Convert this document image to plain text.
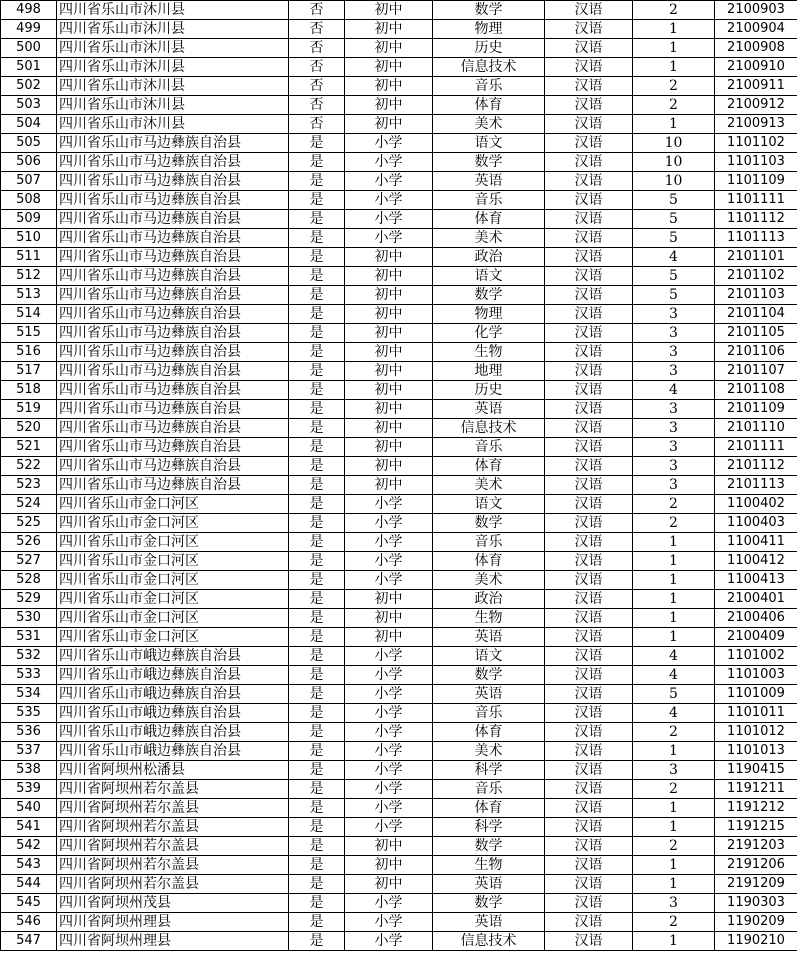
498	四川省乐山市沐川县	否	初中	数学	汉语	2	2100903
499	四川省乐山市沐川县	否	初中	物理	汉语	1	2100904
500	四川省乐山市沐川县	否	初中	历史	汉语	1	2100908
501	四川省乐山市沐川县	否	初中	信息技术	汉语	1	2100910
502	四川省乐山市沐川县	否	初中	音乐	汉语	2	2100911
503	四川省乐山市沐川县	否	初中	体育	汉语	2	2100912
504	四川省乐山市沐川县	否	初中	美术	汉语	1	2100913
505	四川省乐山市马边彝族自治县	是	小学	语文	汉语	10	1101102
506	四川省乐山市马边彝族自治县	是	小学	数学	汉语	10	1101103
507	四川省乐山市马边彝族自治县	是	小学	英语	汉语	10	1101109
508	四川省乐山市马边彝族自治县	是	小学	音乐	汉语	5	1101111
509	四川省乐山市马边彝族自治县	是	小学	体育	汉语	5	1101112
510	四川省乐山市马边彝族自治县	是	小学	美术	汉语	5	1101113
511	四川省乐山市马边彝族自治县	是	初中	政治	汉语	4	2101101
512	四川省乐山市马边彝族自治县	是	初中	语文	汉语	5	2101102
513	四川省乐山市马边彝族自治县	是	初中	数学	汉语	5	2101103
514	四川省乐山市马边彝族自治县	是	初中	物理	汉语	3	2101104
515	四川省乐山市马边彝族自治县	是	初中	化学	汉语	3	2101105
516	四川省乐山市马边彝族自治县	是	初中	生物	汉语	3	2101106
517	四川省乐山市马边彝族自治县	是	初中	地理	汉语	3	2101107
518	四川省乐山市马边彝族自治县	是	初中	历史	汉语	4	2101108
519	四川省乐山市马边彝族自治县	是	初中	英语	汉语	3	2101109
520	四川省乐山市马边彝族自治县	是	初中	信息技术	汉语	3	2101110
521	四川省乐山市马边彝族自治县	是	初中	音乐	汉语	3	2101111
522	四川省乐山市马边彝族自治县	是	初中	体育	汉语	3	2101112
523	四川省乐山市马边彝族自治县	是	初中	美术	汉语	3	2101113
524	四川省乐山市金口河区	是	小学	语文	汉语	2	1100402
525	四川省乐山市金口河区	是	小学	数学	汉语	2	1100403
526	四川省乐山市金口河区	是	小学	音乐	汉语	1	1100411
527	四川省乐山市金口河区	是	小学	体育	汉语	1	1100412
528	四川省乐山市金口河区	是	小学	美术	汉语	1	1100413
529	四川省乐山市金口河区	是	初中	政治	汉语	1	2100401
530	四川省乐山市金口河区	是	初中	生物	汉语	1	2100406
531	四川省乐山市金口河区	是	初中	英语	汉语	1	2100409
532	四川省乐山市峨边彝族自治县	是	小学	语文	汉语	4	1101002
533	四川省乐山市峨边彝族自治县	是	小学	数学	汉语	4	1101003
534	四川省乐山市峨边彝族自治县	是	小学	英语	汉语	5	1101009
535	四川省乐山市峨边彝族自治县	是	小学	音乐	汉语	4	1101011
536	四川省乐山市峨边彝族自治县	是	小学	体育	汉语	2	1101012
537	四川省乐山市峨边彝族自治县	是	小学	美术	汉语	1	1101013
538	四川省阿坝州松潘县	是	小学	科学	汉语	3	1190415
539	四川省阿坝州若尔盖县	是	小学	音乐	汉语	2	1191211
540	四川省阿坝州若尔盖县	是	小学	体育	汉语	1	1191212
541	四川省阿坝州若尔盖县	是	小学	科学	汉语	1	1191215
542	四川省阿坝州若尔盖县	是	初中	数学	汉语	2	2191203
543	四川省阿坝州若尔盖县	是	初中	生物	汉语	1	2191206
544	四川省阿坝州若尔盖县	是	初中	英语	汉语	1	2191209
545	四川省阿坝州茂县	是	小学	数学	汉语	3	1190303
546	四川省阿坝州理县	是	小学	英语	汉语	2	1190209
547	四川省阿坝州理县	是	小学	信息技术	汉语	1	1190210
